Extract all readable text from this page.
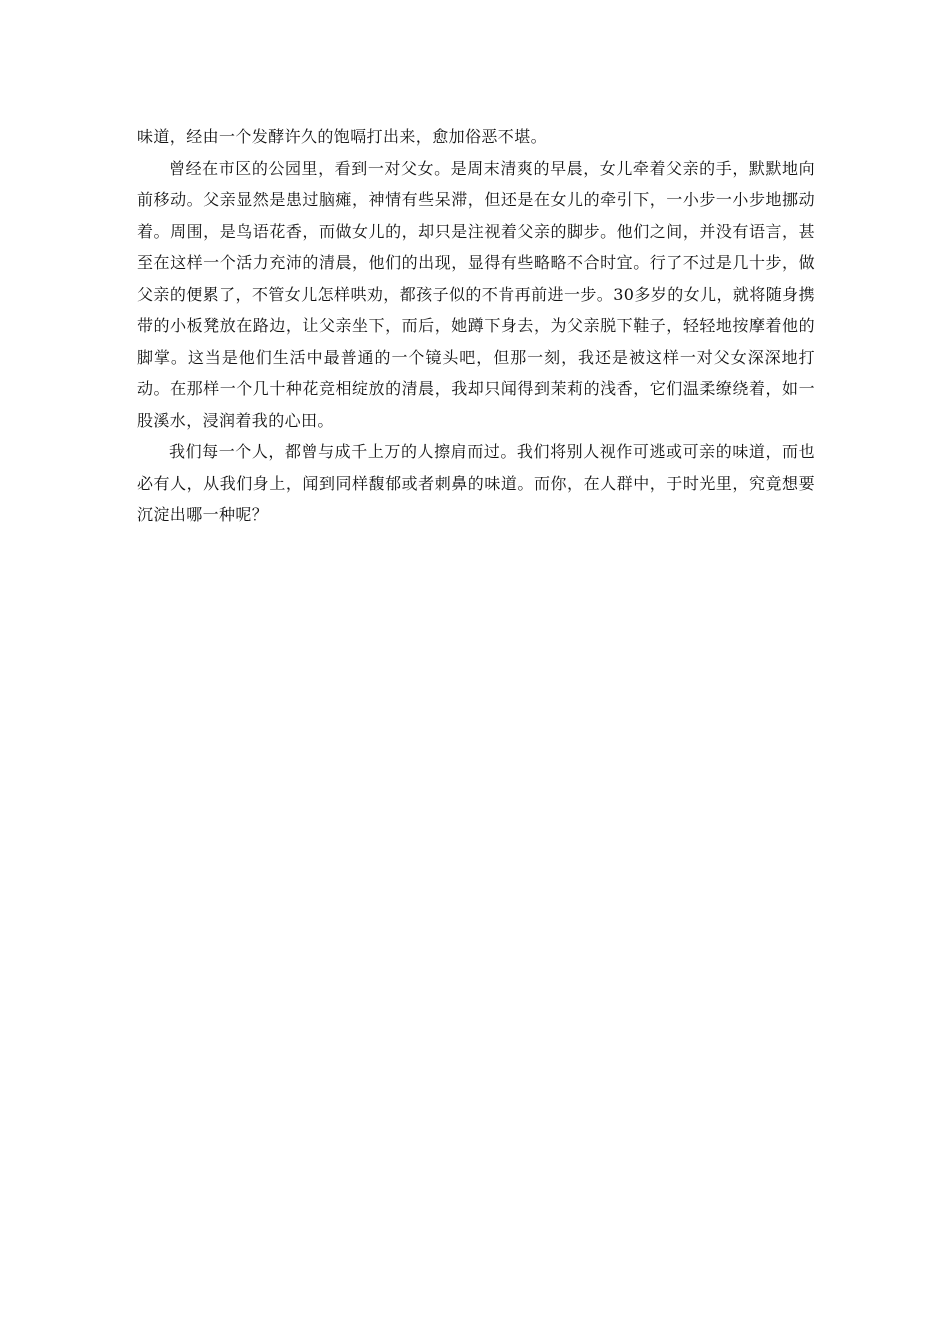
味道，经由一个发酵许久的饱嗝打出来，愈加俗恶不堪。

曾经在市区的公园里，看到一对父女。是周末清爽的早晨，女儿牵着父亲的手，默默地向前移动。父亲显然是患过脑瘫，神情有些呆滞，但还是在女儿的牵引下，一小步一小步地挪动着。周围，是鸟语花香，而做女儿的，却只是注视着父亲的脚步。他们之间，并没有语言，甚至在这样一个活力充沛的清晨，他们的出现，显得有些略略不合时宜。行了不过是几十步，做父亲的便累了，不管女儿怎样哄劝，都孩子似的不肯再前进一步。30多岁的女儿，就将随身携带的小板凳放在路边，让父亲坐下，而后，她蹲下身去，为父亲脱下鞋子，轻轻地按摩着他的脚掌。这当是他们生活中最普通的一个镜头吧，但那一刻，我还是被这样一对父女深深地打动。在那样一个几十种花竞相绽放的清晨，我却只闻得到茉莉的浅香，它们温柔缭绕着，如一股溪水，浸润着我的心田。

我们每一个人，都曾与成千上万的人擦肩而过。我们将别人视作可逃或可亲的味道，而也必有人，从我们身上，闻到同样馥郁或者刺鼻的味道。而你，在人群中，于时光里，究竟想要沉淀出哪一种呢？
